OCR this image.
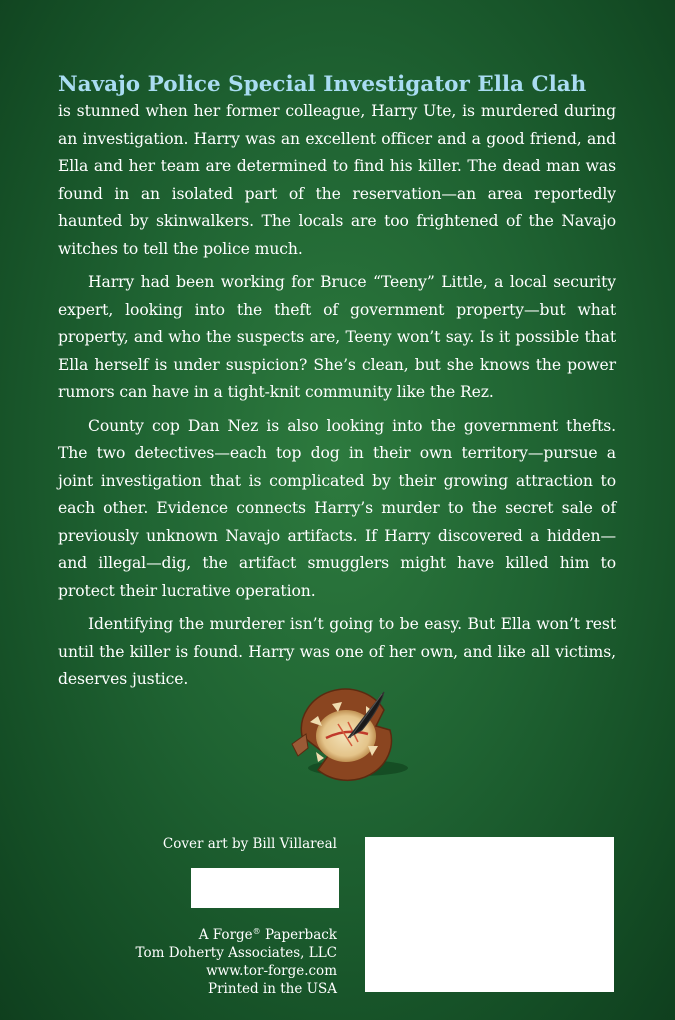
Navajo Police Special Investigator Ella Clah

is stunned when her former colleague, Harry Ute, is murdered during an investigation. Harry was an excellent officer and a good friend, and Ella and her team are determined to find his killer. The dead man was found in an isolated part of the reservation—an area reportedly haunted by skinwalkers. The locals are too frightened of the Navajo witches to tell the police much.

Harry had been working for Bruce “Teeny” Little, a local security expert, looking into the theft of government property—but what property, and who the suspects are, Teeny won’t say. Is it possible that Ella herself is under suspicion? She’s clean, but she knows the power rumors can have in a tight-knit community like the Rez.

County cop Dan Nez is also looking into the government thefts. The two detectives—each top dog in their own territory—pursue a joint investigation that is complicated by their growing attraction to each other. Evidence connects Harry’s murder to the secret sale of previously unknown Navajo artifacts. If Harry discovered a hidden—and illegal—dig, the artifact smugglers might have killed him to protect their lucrative operation.

Identifying the murderer isn’t going to be easy. But Ella won’t rest until the killer is found. Harry was one of her own, and like all victims, deserves justice.

Cover art by Bill Villareal
A Forge® Paperback
Tom Doherty Associates, LLC
www.tor-forge.com
Printed in the USA
